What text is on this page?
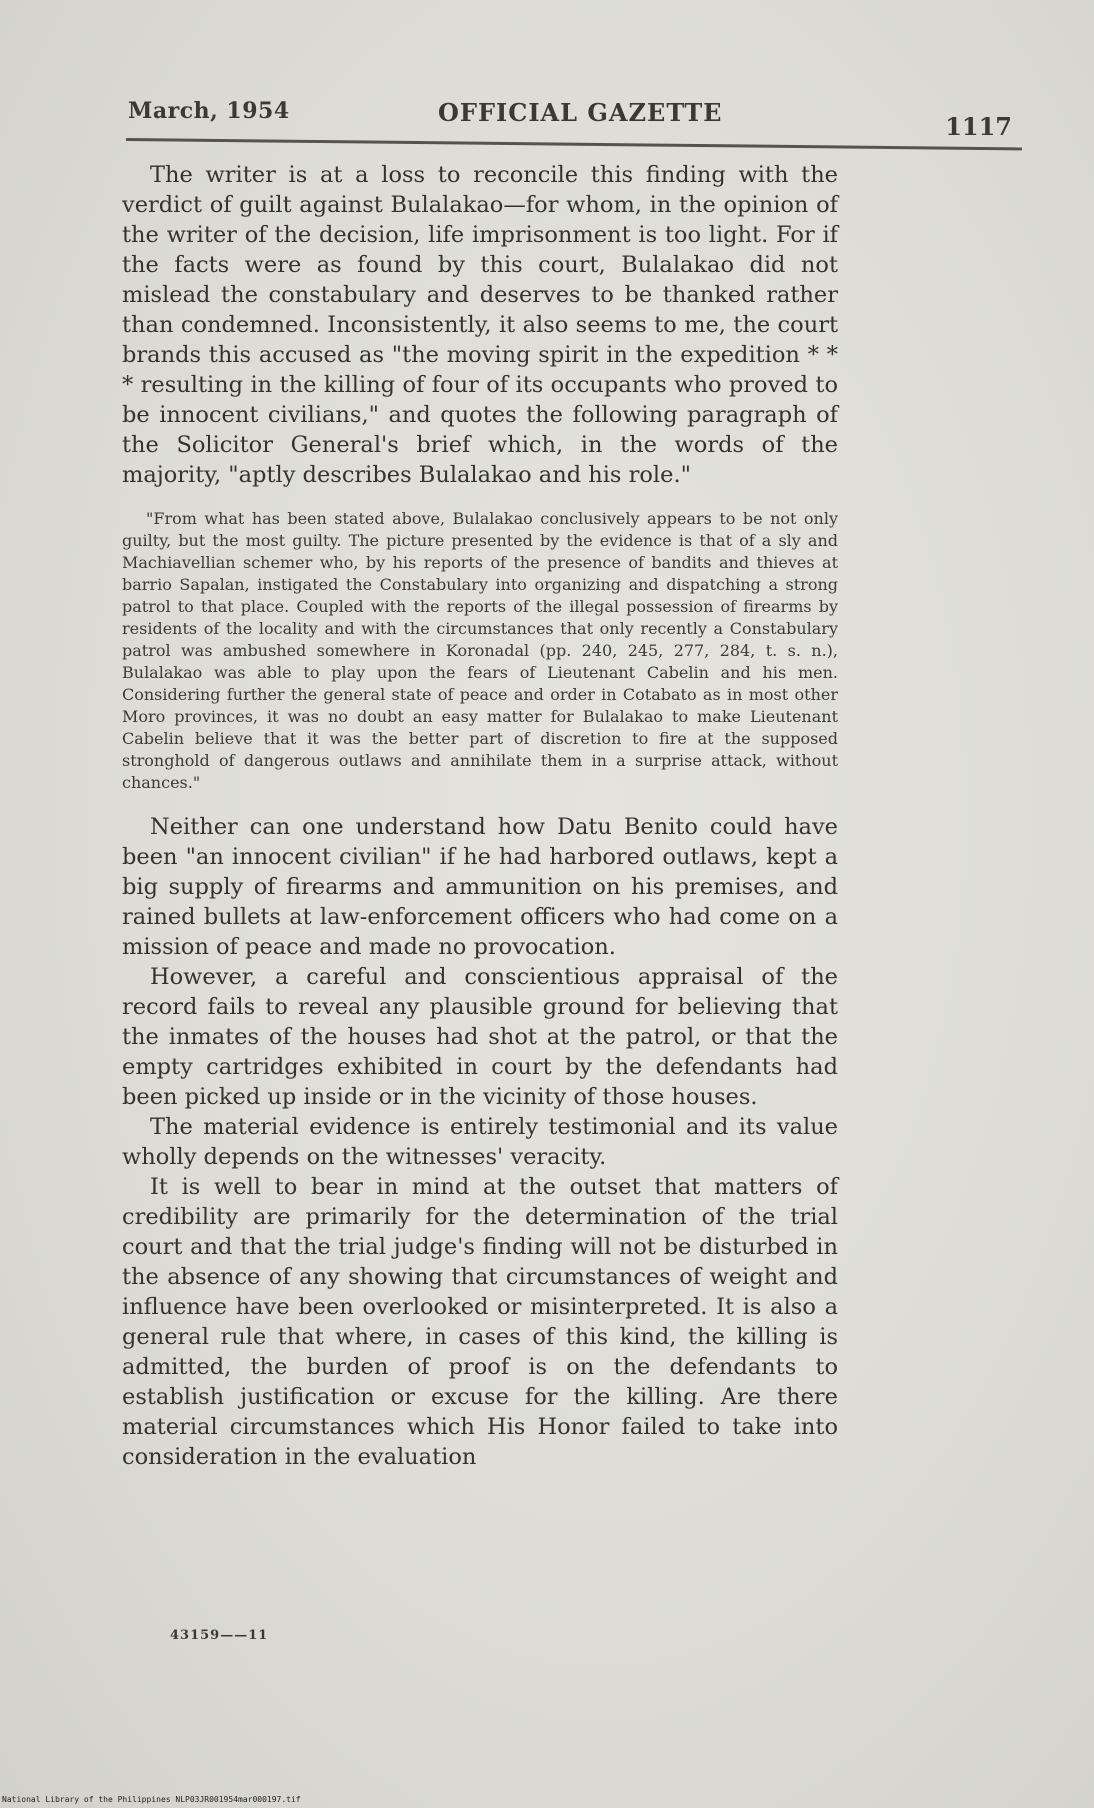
March, 1954	OFFICIAL GAZETTE	1117

The writer is at a loss to reconcile this finding with the verdict of guilt against Bulalakao—for whom, in the opinion of the writer of the decision, life imprisonment is too light. For if the facts were as found by this court, Bulalakao did not mislead the constabulary and deserves to be thanked rather than condemned. Inconsistently, it also seems to me, the court brands this accused as "the moving spirit in the expedition * * * resulting in the killing of four of its occupants who proved to be innocent civilians," and quotes the following paragraph of the Solicitor General's brief which, in the words of the majority, "aptly describes Bulalakao and his role."

"From what has been stated above, Bulalakao conclusively appears to be not only guilty, but the most guilty. The picture presented by the evidence is that of a sly and Machiavellian schemer who, by his reports of the presence of bandits and thieves at barrio Sapalan, instigated the Constabulary into organizing and dispatching a strong patrol to that place. Coupled with the reports of the illegal possession of firearms by residents of the locality and with the circumstances that only recently a Constabulary patrol was ambushed somewhere in Koronadal (pp. 240, 245, 277, 284, t. s. n.), Bulalakao was able to play upon the fears of Lieutenant Cabelin and his men. Considering further the general state of peace and order in Cotabato as in most other Moro provinces, it was no doubt an easy matter for Bulalakao to make Lieutenant Cabelin believe that it was the better part of discretion to fire at the supposed stronghold of dangerous outlaws and annihilate them in a surprise attack, without chances."

Neither can one understand how Datu Benito could have been "an innocent civilian" if he had harbored outlaws, kept a big supply of firearms and ammunition on his premises, and rained bullets at law-enforcement officers who had come on a mission of peace and made no provocation.

However, a careful and conscientious appraisal of the record fails to reveal any plausible ground for believing that the inmates of the houses had shot at the patrol, or that the empty cartridges exhibited in court by the defendants had been picked up inside or in the vicinity of those houses.

The material evidence is entirely testimonial and its value wholly depends on the witnesses' veracity.

It is well to bear in mind at the outset that matters of credibility are primarily for the determination of the trial court and that the trial judge's finding will not be disturbed in the absence of any showing that circumstances of weight and influence have been overlooked or misinterpreted. It is also a general rule that where, in cases of this kind, the killing is admitted, the burden of proof is on the defendants to establish justification or excuse for the killing. Are there material circumstances which His Honor failed to take into consideration in the evaluation

43159——11
National Library of the Philippines NLP03JR001954mar000197.tif
